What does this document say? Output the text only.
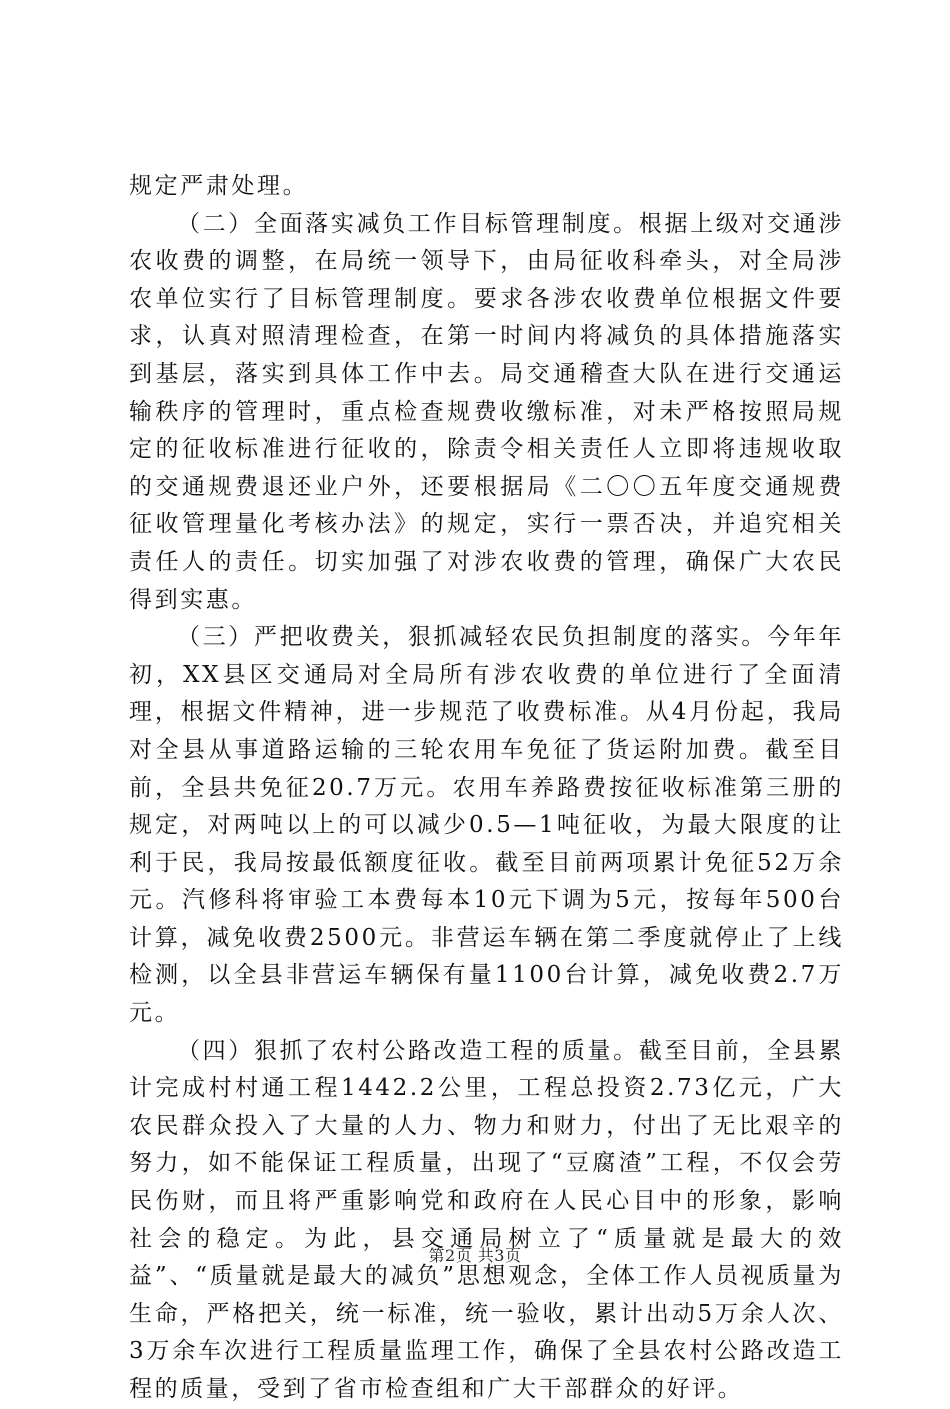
规定严肃处理。

（二）全面落实减负工作目标管理制度。根据上级对交通涉农收费的调整，在局统一领导下，由局征收科牵头，对全局涉农单位实行了目标管理制度。要求各涉农收费单位根据文件要求，认真对照清理检查，在第一时间内将减负的具体措施落实到基层，落实到具体工作中去。局交通稽查大队在进行交通运输秩序的管理时，重点检查规费收缴标准，对未严格按照局规定的征收标准进行征收的，除责令相关责任人立即将违规收取的交通规费退还业户外，还要根据局《二〇〇五年度交通规费征收管理量化考核办法》的规定，实行一票否决，并追究相关责任人的责任。切实加强了对涉农收费的管理，确保广大农民得到实惠。

（三）严把收费关，狠抓减轻农民负担制度的落实。今年年初，XX县区交通局对全局所有涉农收费的单位进行了全面清理，根据文件精神，进一步规范了收费标准。从4月份起，我局对全县从事道路运输的三轮农用车免征了货运附加费。截至目前，全县共免征20.7万元。农用车养路费按征收标准第三册的规定，对两吨以上的可以减少0.5—1吨征收，为最大限度的让利于民，我局按最低额度征收。截至目前两项累计免征52万余元。汽修科将审验工本费每本10元下调为5元，按每年500台计算，减免收费2500元。非营运车辆在第二季度就停止了上线检测，以全县非营运车辆保有量1100台计算，减免收费2.7万元。

（四）狠抓了农村公路改造工程的质量。截至目前，全县累计完成村村通工程1442.2公里，工程总投资2.73亿元，广大农民群众投入了大量的人力、物力和财力，付出了无比艰辛的努力，如不能保证工程质量，出现了“豆腐渣”工程，不仅会劳民伤财，而且将严重影响党和政府在人民心目中的形象，影响社会的稳定。为此，县交通局树立了“质量就是最大的效益”、“质量就是最大的减负”思想观念，全体工作人员视质量为生命，严格把关，统一标准，统一验收，累计出动5万余人次、3万余车次进行工程质量监理工作，确保了全县农村公路改造工程的质量，受到了省市检查组和广大干部群众的好评。

第2页 共3页
